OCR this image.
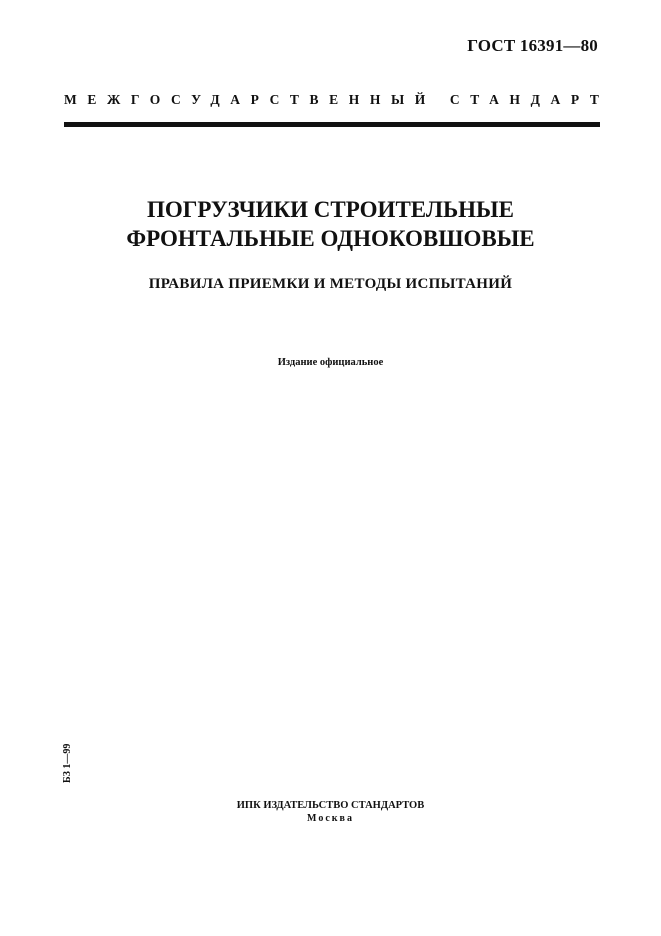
ГОСТ 16391—80
МЕЖГОСУДАРСТВЕННЫЙ СТАНДАРТ
ПОГРУЗЧИКИ СТРОИТЕЛЬНЫЕ
ФРОНТАЛЬНЫЕ ОДНОКОВШОВЫЕ
ПРАВИЛА ПРИЕМКИ И МЕТОДЫ ИСПЫТАНИЙ
Издание официальное
БЗ 1—99
ИПК ИЗДАТЕЛЬСТВО СТАНДАРТОВ
Москва
